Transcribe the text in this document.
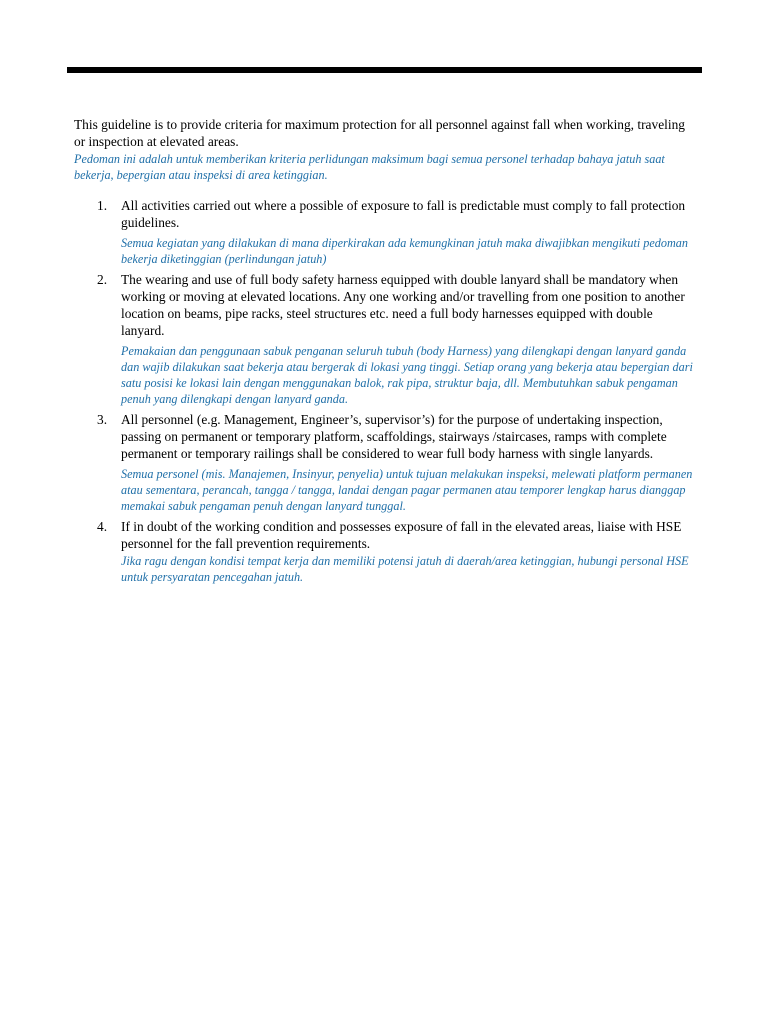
This guideline is to provide criteria for maximum protection for all personnel against fall when working, traveling or inspection at elevated areas.

Pedoman ini adalah untuk memberikan kriteria perlidungan maksimum bagi semua personel terhadap bahaya jatuh saat bekerja, bepergian atau inspeksi di area ketinggian.

1. All activities carried out where a possible of exposure to fall is predictable must comply to fall protection guidelines.

Semua kegiatan yang dilakukan di mana diperkirakan ada kemungkinan jatuh maka diwajibkan mengikuti pedoman bekerja diketinggian (perlindungan jatuh)

2. The wearing and use of full body safety harness equipped with double lanyard shall be mandatory when working or moving at elevated locations. Any one working and/or travelling from one position to another location on beams, pipe racks, steel structures etc. need a full body harnesses equipped with double lanyard.

Pemakaian dan penggunaan sabuk penganan seluruh tubuh (body Harness) yang dilengkapi dengan lanyard ganda dan wajib dilakukan saat bekerja atau bergerak di lokasi yang tinggi. Setiap orang yang bekerja atau bepergian dari satu posisi ke lokasi lain dengan menggunakan balok, rak pipa, struktur baja, dll. Membutuhkan sabuk pengaman penuh yang dilengkapi dengan lanyard ganda.

3. All personnel (e.g. Management, Engineer’s, supervisor’s) for the purpose of undertaking inspection, passing on permanent or temporary platform, scaffoldings, stairways /staircases, ramps with complete permanent or temporary railings shall be considered to wear full body harness with single lanyards.

Semua personel (mis. Manajemen, Insinyur, penyelia) untuk tujuan melakukan inspeksi, melewati platform permanen atau sementara, perancah, tangga / tangga, landai dengan pagar permanen atau temporer lengkap harus dianggap memakai sabuk pengaman penuh dengan lanyard tunggal.

4. If in doubt of the working condition and possesses exposure of fall in the elevated areas, liaise with HSE personnel for the fall prevention requirements.

Jika ragu dengan kondisi tempat kerja dan memiliki potensi jatuh di daerah/area ketinggian, hubungi personal HSE untuk persyaratan pencegahan jatuh.
